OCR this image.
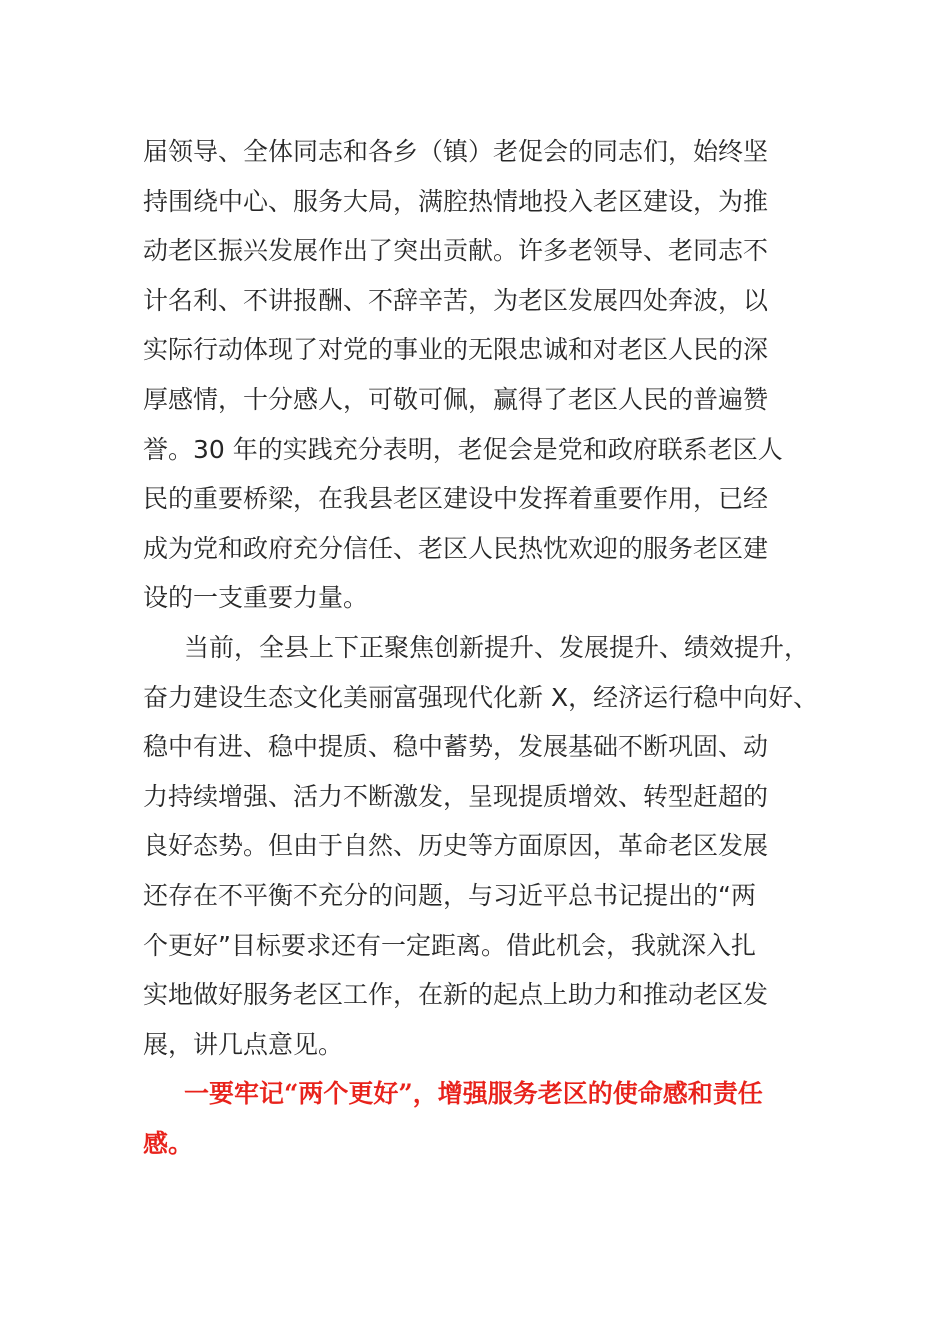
届领导、全体同志和各乡（镇）老促会的同志们，始终坚
持围绕中心、服务大局，满腔热情地投入老区建设，为推
动老区振兴发展作出了突出贡献。许多老领导、老同志不
计名利、不讲报酬、不辞辛苦，为老区发展四处奔波，以
实际行动体现了对党的事业的无限忠诚和对老区人民的深
厚感情，十分感人，可敬可佩，赢得了老区人民的普遍赞
誉。30 年的实践充分表明，老促会是党和政府联系老区人
民的重要桥梁，在我县老区建设中发挥着重要作用，已经
成为党和政府充分信任、老区人民热忱欢迎的服务老区建
设的一支重要力量。
当前，全县上下正聚焦创新提升、发展提升、绩效提升，
奋力建设生态文化美丽富强现代化新 X，经济运行稳中向好、
稳中有进、稳中提质、稳中蓄势，发展基础不断巩固、动
力持续增强、活力不断激发，呈现提质增效、转型赶超的
良好态势。但由于自然、历史等方面原因，革命老区发展
还存在不平衡不充分的问题，与习近平总书记提出的“两
个更好”目标要求还有一定距离。借此机会，我就深入扎
实地做好服务老区工作，在新的起点上助力和推动老区发
展，讲几点意见。
一要牢记“两个更好”，增强服务老区的使命感和责任
感。
